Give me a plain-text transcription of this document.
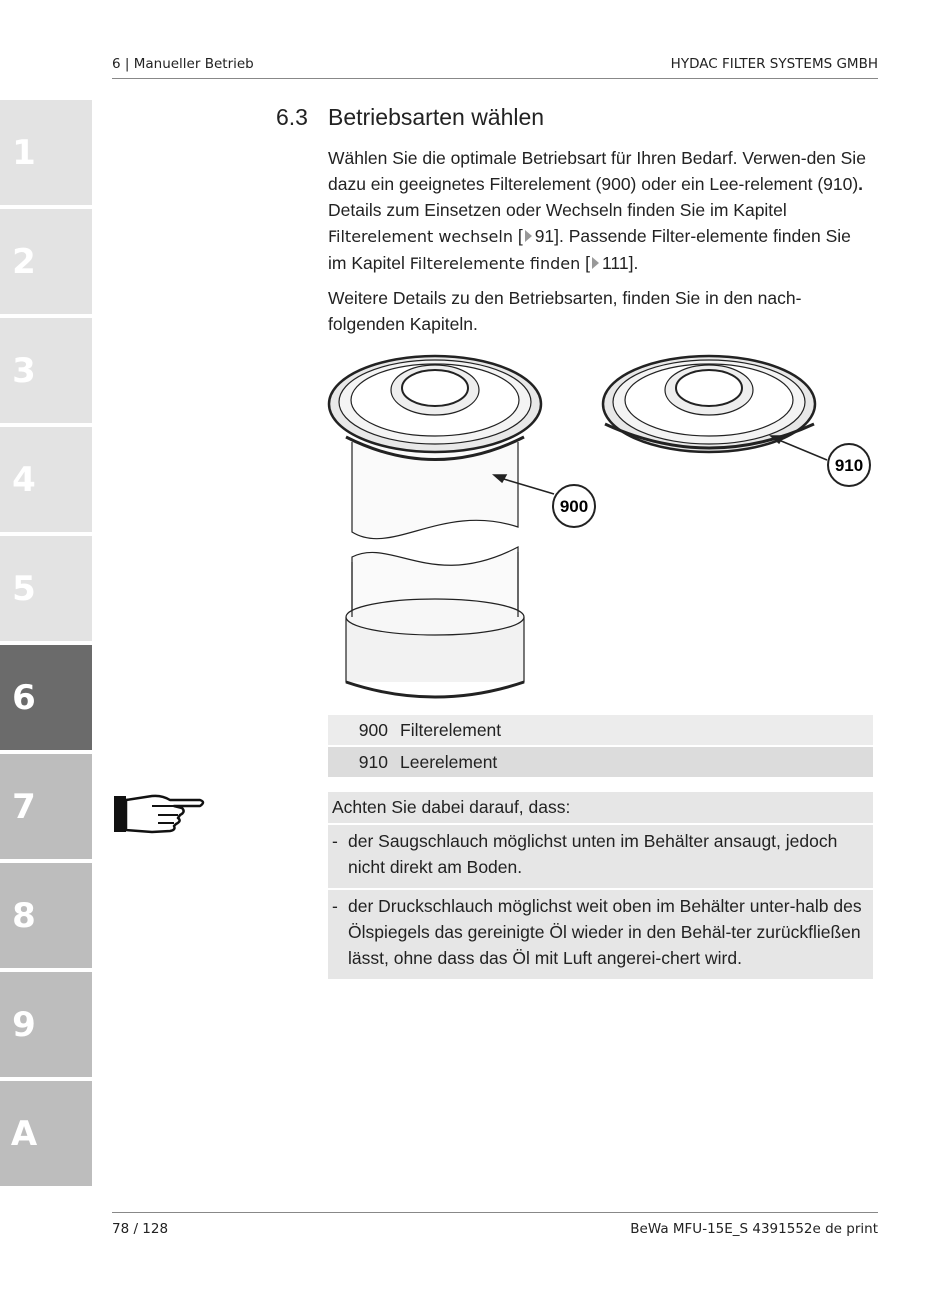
6 | Manueller Betrieb	HYDAC FILTER SYSTEMS GMBH
1
2
3
4
5
6
7
8
9
A
6.3 Betriebsarten wählen
Wählen Sie die optimale Betriebsart für Ihren Bedarf. Verwen-den Sie dazu ein geeignetes Filterelement (900) oder ein Lee-relement (910). Details zum Einsetzen oder Wechseln finden Sie im Kapitel Filterelement wechseln [ 91]. Passende Filter-elemente finden Sie im Kapitel Filterelemente finden [ 111].
Weitere Details zu den Betriebsarten, finden Sie in den nach-folgenden Kapiteln.
900
910
900 Filterelement
910 Leerelement
Achten Sie dabei darauf, dass:
- der Saugschlauch möglichst unten im Behälter ansaugt, jedoch nicht direkt am Boden.
- der Druckschlauch möglichst weit oben im Behälter unter-halb des Ölspiegels das gereinigte Öl wieder in den Behäl-ter zurückfließen lässt, ohne dass das Öl mit Luft angerei-chert wird.
78 / 128	BeWa MFU-15E_S 4391552e de print
